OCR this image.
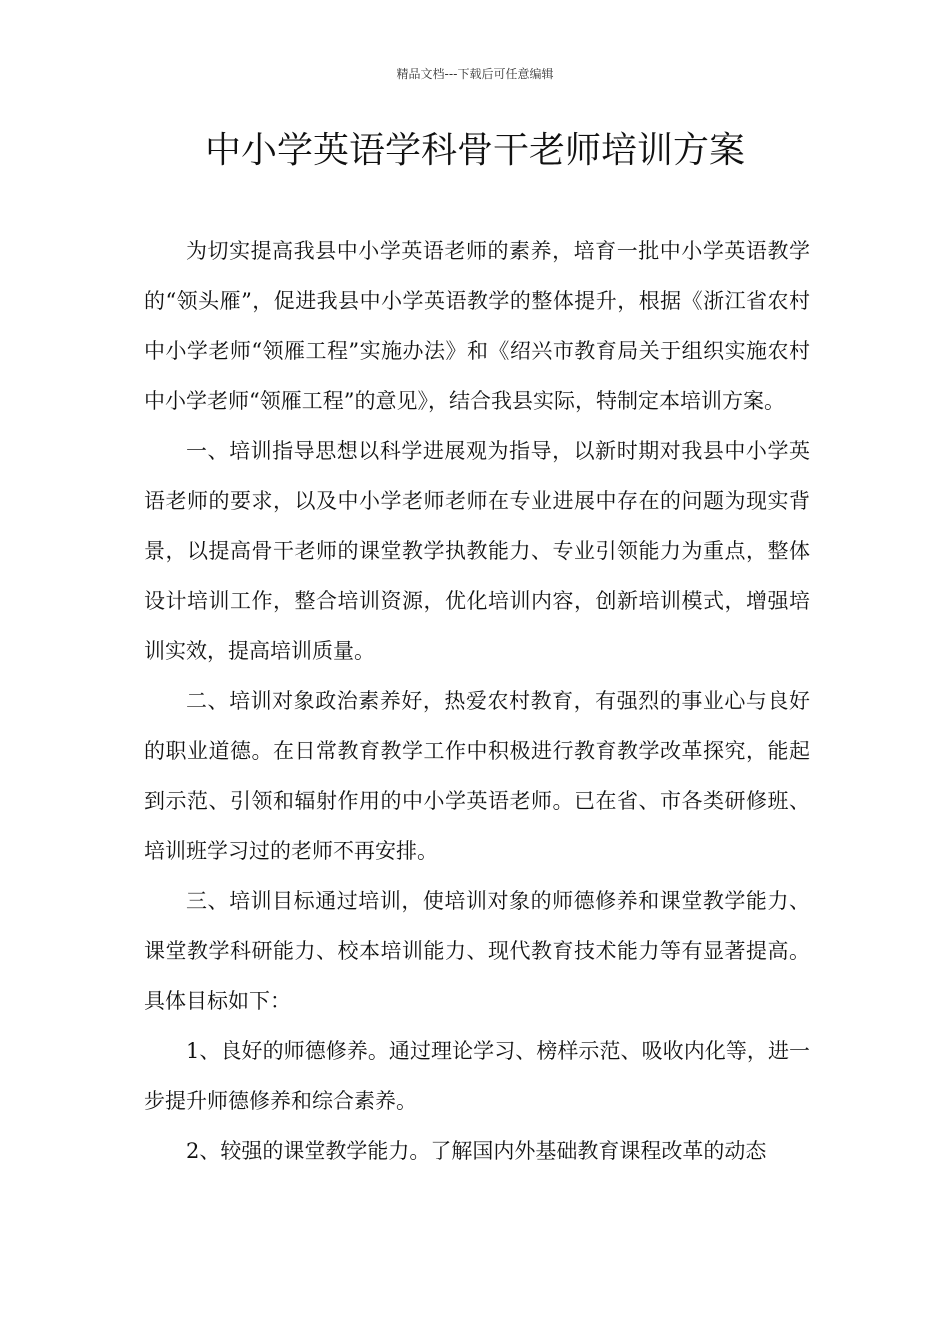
精品文档---下载后可任意编辑
中小学英语学科骨干老师培训方案

为切实提高我县中小学英语老师的素养，培育一批中小学英语教学的“领头雁”，促进我县中小学英语教学的整体提升，根据《浙江省农村中小学老师“领雁工程”实施办法》和《绍兴市教育局关于组织实施农村中小学老师“领雁工程”的意见》，结合我县实际，特制定本培训方案。

一、培训指导思想以科学进展观为指导，以新时期对我县中小学英语老师的要求，以及中小学老师老师在专业进展中存在的问题为现实背景，以提高骨干老师的课堂教学执教能力、专业引领能力为重点，整体设计培训工作，整合培训资源，优化培训内容，创新培训模式，增强培训实效，提高培训质量。

二、培训对象政治素养好，热爱农村教育，有强烈的事业心与良好的职业道德。在日常教育教学工作中积极进行教育教学改革探究，能起到示范、引领和辐射作用的中小学英语老师。已在省、市各类研修班、培训班学习过的老师不再安排。

三、培训目标通过培训，使培训对象的师德修养和课堂教学能力、课堂教学科研能力、校本培训能力、现代教育技术能力等有显著提高。具体目标如下：

1、良好的师德修养。通过理论学习、榜样示范、吸收内化等，进一步提升师德修养和综合素养。

2、较强的课堂教学能力。了解国内外基础教育课程改革的动态
